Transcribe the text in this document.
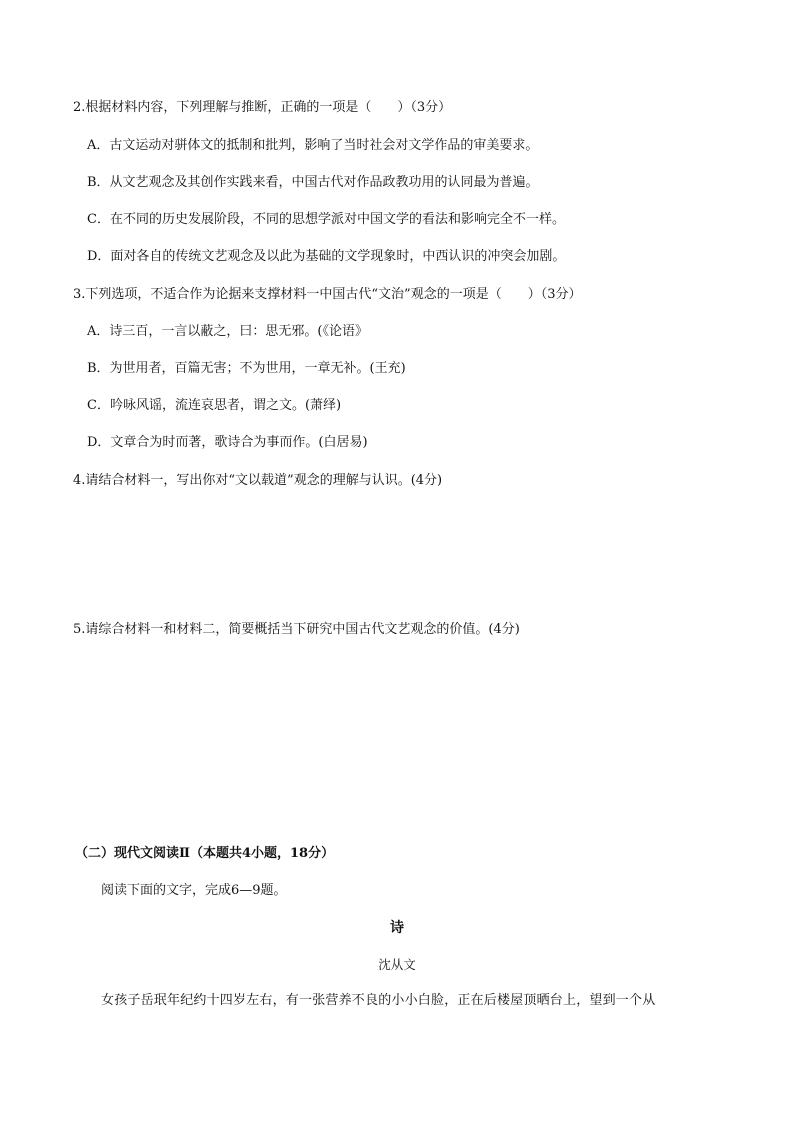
2.根据材料内容，下列理解与推断，正确的一项是（　　）（3分）
A．古文运动对骈体文的抵制和批判，影响了当时社会对文学作品的审美要求。
B．从文艺观念及其创作实践来看，中国古代对作品政教功用的认同最为普遍。
C．在不同的历史发展阶段，不同的思想学派对中国文学的看法和影响完全不一样。
D．面对各自的传统文艺观念及以此为基础的文学现象时，中西认识的冲突会加剧。
3.下列选项，不适合作为论据来支撑材料一中国古代“文治”观念的一项是（　　）（3分）
A．诗三百，一言以蔽之，曰：思无邪。(《论语》
B．为世用者，百篇无害；不为世用，一章无补。(王充)
C．吟咏风谣，流连哀思者，谓之文。(萧绎)
D．文章合为时而著，歌诗合为事而作。(白居易)
4.请结合材料一，写出你对“文以载道”观念的理解与认识。(4分)
5.请综合材料一和材料二，简要概括当下研究中国古代文艺观念的价值。(4分)
（二）现代文阅读Ⅱ（本题共4小题，18分）
阅读下面的文字，完成6—9题。
诗
沈从文
女孩子岳珉年纪约十四岁左右，有一张营养不良的小小白脸，正在后楼屋顶晒台上，望到一个从
